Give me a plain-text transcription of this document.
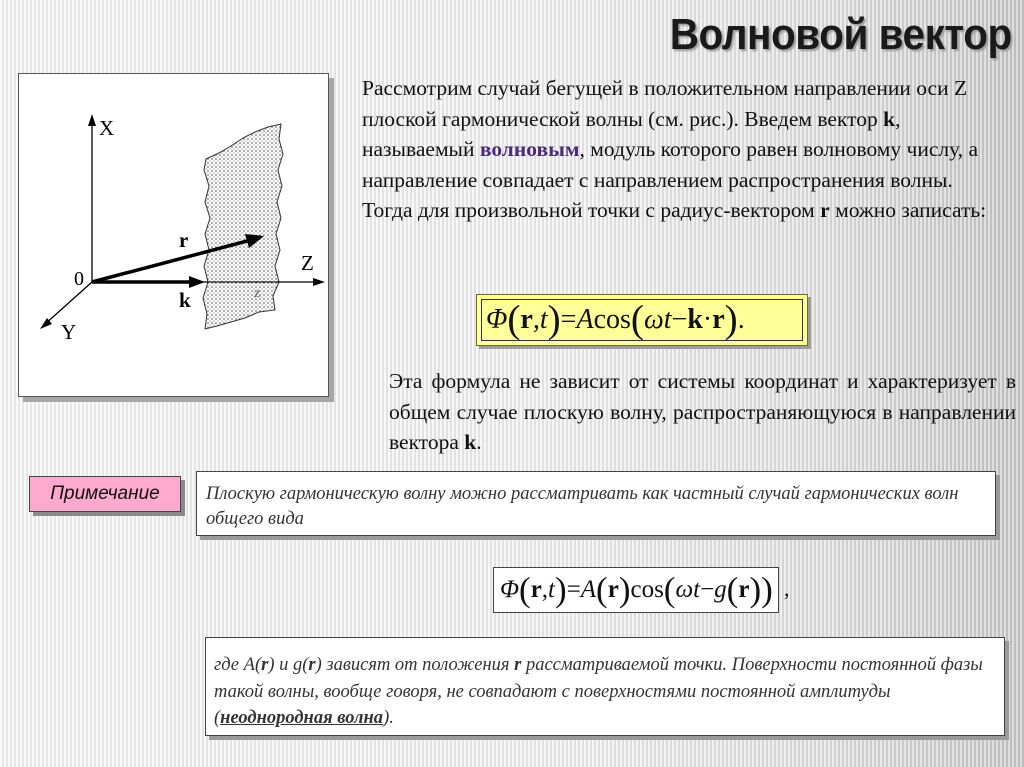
Волновой вектор
X
Y
Z
0
r
k	z
Рассмотрим случай бегущей в положительном направлении оси Z плоской гармонической волны (см. рис.). Введем вектор k, называемый волновым, модуль которого равен волновому числу, а направление совпадает с направлением распространения волны. Тогда для произвольной точки с радиус-вектором r можно записать:
Φ ( r ,t ) = A cos ( ωt − k · r ) .
Эта формула не зависит от системы координат и характеризует в общем случае плоскую волну, распространяющуюся в направлении вектора k.
Примечание	Плоскую гармоническую волну можно рассматривать как частный случай гармонических волн общего вида
Φ ( r ,t ) = A ( r ) cos ( ωt − g ( r ) ) ,
где A(r) и g(r) зависят от положения r рассматриваемой точки. Поверхности постоянной фазы такой волны, вообще говоря, не совпадают с поверхностями постоянной амплитуды (неоднородная волна).
